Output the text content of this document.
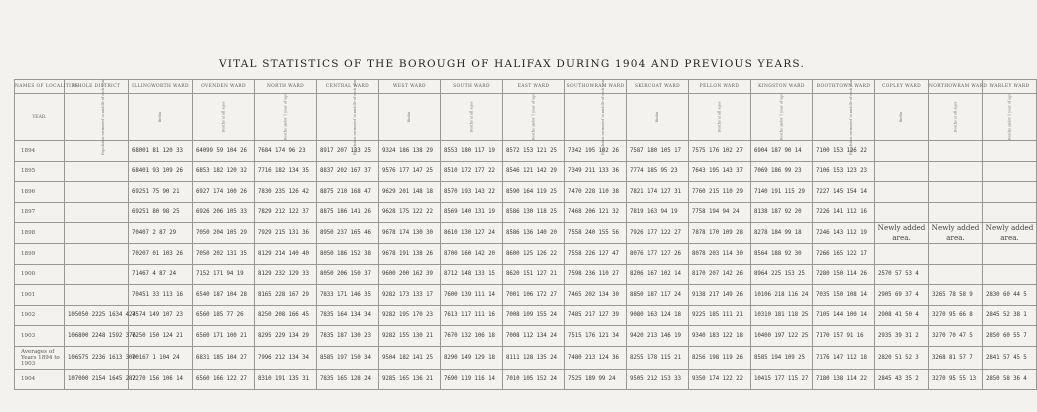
VITAL STATISTICS OF THE BOROUGH OF HALIFAX DURING 1904 AND PREVIOUS YEARS.
NAMES OF LOCALITIES	WHOLE DISTRICT	ILLINGWORTH WARD	OVENDEN WARD	NORTH WARD	CENTRAL WARD	WEST WARD	SOUTH WARD	EAST WARD	SOUTHOWRAM WARD	SKIRCOAT WARD	PELLON WARD	KINGSTON WARD	BOOTHTOWN WARD	COPLEY WARD	NORTHOWRAM WARD	WARLEY WARD
YEAR.	Population estimated to middle of each year	Births	Deaths at all ages	Deaths under 1 year of age	Population estimated to middle of each year	Births	Deaths at all ages	Deaths under 1 year of age	Population estimated to middle of each year	Births	Deaths at all ages	Deaths under 1 year of age	Population estimated to middle of each year	Births	Deaths at all ages	Deaths under 1 year of age
1894		68001 81 120 33	64099 59 104 26	7684 174 96 23	8917 207 133 25	9324 186 138 29	8553 180 117 19	8572 153 121 25	7342 195 102 26	7587 180 105 17	7575 176 102 27	6904 187 90 14	7100 153 126 22			
1895		68401 93 109 26	6853 182 120 32	7716 182 134 35	8837 202 167 37	9576 177 147 25	8510 172 177 22	8546 121 142 29	7349 211 133 36	7774 185 95 23	7643 195 143 37	7069 186 99 23	7106 153 123 23			
1896		69251 75 90 21	6927 174 100 26	7830 235 126 42	8875 210 168 47	9629 201 148 18	8570 193 143 22	8590 164 119 25	7470 228 110 38	7821 174 127 31	7760 215 110 29	7140 191 115 29	7227 145 154 14			
1897		69251 80 98 25	6926 206 105 33	7829 212 122 37	8875 186 141 26	9628 175 122 22	8569 140 131 19	8586 130 118 25	7468 206 121 32	7819 163 94 19	7758 194 94 24	8138 187 92 20	7226 141 112 16			
1898		70407 2 87 29	7050 204 105 29	7929 215 131 36	8950 237 165 46	9678 174 130 30	8610 130 127 24	8586 136 140 20	7558 240 155 56	7926 177 122 27	7878 170 109 28	8278 184 99 18	7246 143 112 19	Newly added area.	Newly added area.	Newly added area.
1899		70207 01 103 26	7050 202 131 35	8129 214 140 40	8050 186 152 38	9678 191 138 26	8700 160 142 20	8600 125 126 22	7558 226 127 47	8076 177 127 26	8078 203 114 30	8564 188 92 30	7266 165 122 17			
1900		71467 4 87 24	7152 171 94 19	8129 232 129 33	8050 206 150 37	9600 200 162 39	8712 148 133 15	8620 151 127 21	7598 236 110 27	8206 167 102 14	8170 207 142 26	8964 225 153 25	7280 150 114 26	2570 57 53 4		
1901		70451 33 113 16	6540 187 104 28	8165 228 167 29	7833 171 146 35	9282 173 133 17	7600 139 111 14	7001 106 172 27	7465 202 134 30	8850 187 117 24	9138 217 149 26	10106 218 116 24	7035 150 108 14	2905 69 37 4	3265 78 58 9	2830 60 44 5
1902	105050 2225 1634 424	7574 149 107 23	6560 185 77 26	8250 208 166 45	7835 164 134 34	9282 195 170 23	7613 117 111 16	7008 109 155 24	7485 217 127 39	9080 163 124 18	9225 185 111 21	10310 181 118 25	7105 144 100 14	2908 41 50 4	3270 95 66 8	2845 52 38 1
1903	106800 2248 1592 376	7250 150 124 21	6560 171 100 21	8295 229 134 29	7835 187 130 23	9282 155 130 21	7670 132 106 18	7008 112 134 24	7515 176 121 34	9420 213 146 19	9340 183 122 18	10400 197 122 25	7170 157 91 16	2935 39 31 2	3270 70 47 5	2850 60 55 7
Averages of Years 1894 to 1903	106575 2236 1613 300	70167 1 104 24	6831 185 104 27	7996 212 134 34	8585 197 150 34	9504 182 141 25	8290 149 129 18	8111 128 135 24	7480 213 124 36	8255 178 115 21	8256 198 119 26	8585 194 109 25	7176 147 112 18	2820 51 52 3	3268 81 57 7	2841 57 45 5
1904	107000 2154 1645 282	7270 156 106 14	6560 166 122 27	8310 191 135 31	7835 165 128 24	9285 165 136 21	7690 119 116 14	7010 105 152 24	7525 189 99 24	9505 212 153 33	9350 174 122 22	10415 177 115 27	7180 138 114 22	2845 43 35 2	3270 95 55 13	2850 58 36 4
